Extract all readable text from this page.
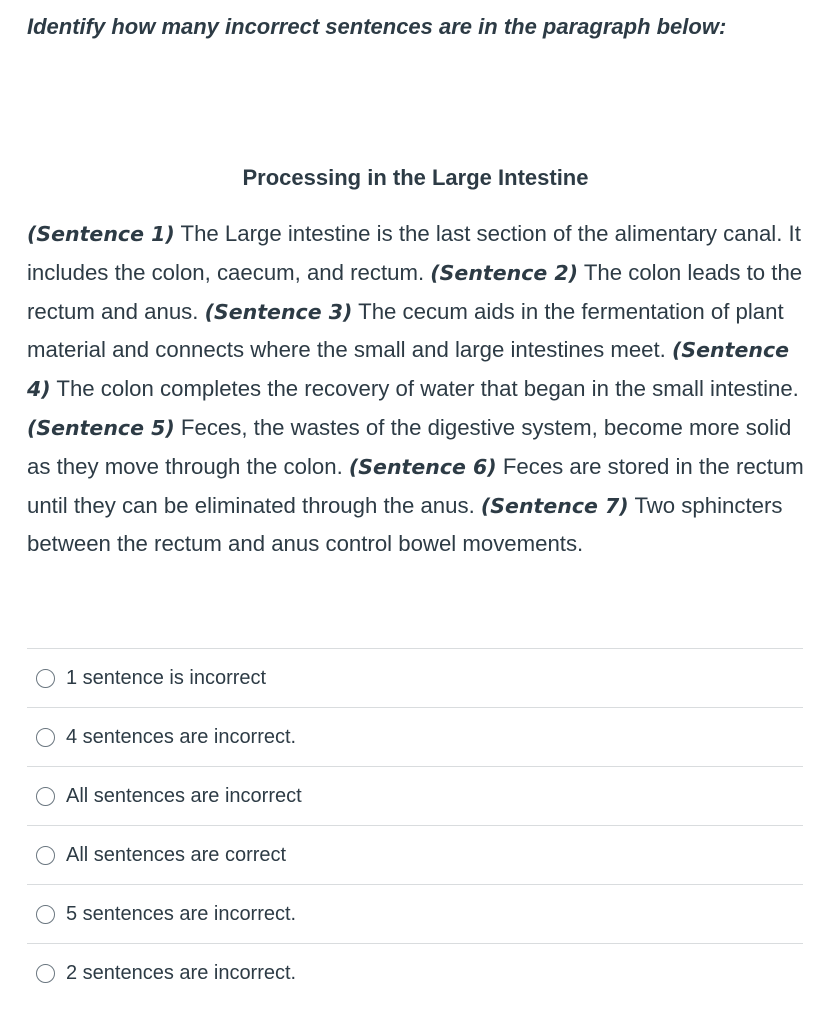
Identify how many incorrect sentences are in the paragraph below:

Processing in the Large Intestine

(Sentence 1) The Large intestine is the last section of the alimentary canal. It includes the colon, caecum, and rectum. (Sentence 2) The colon leads to the rectum and anus. (Sentence 3) The cecum aids in the fermentation of plant material and connects where the small and large intestines meet. (Sentence 4) The colon completes the recovery of water that began in the small intestine. (Sentence 5) Feces, the wastes of the digestive system, become more solid as they move through the colon. (Sentence 6) Feces are stored in the rectum until they can be eliminated through the anus. (Sentence 7) Two sphincters between the rectum and anus control bowel movements.

1 sentence is incorrect
4 sentences are incorrect.
All sentences are incorrect
All sentences are correct
5 sentences are incorrect.
2 sentences are incorrect.
